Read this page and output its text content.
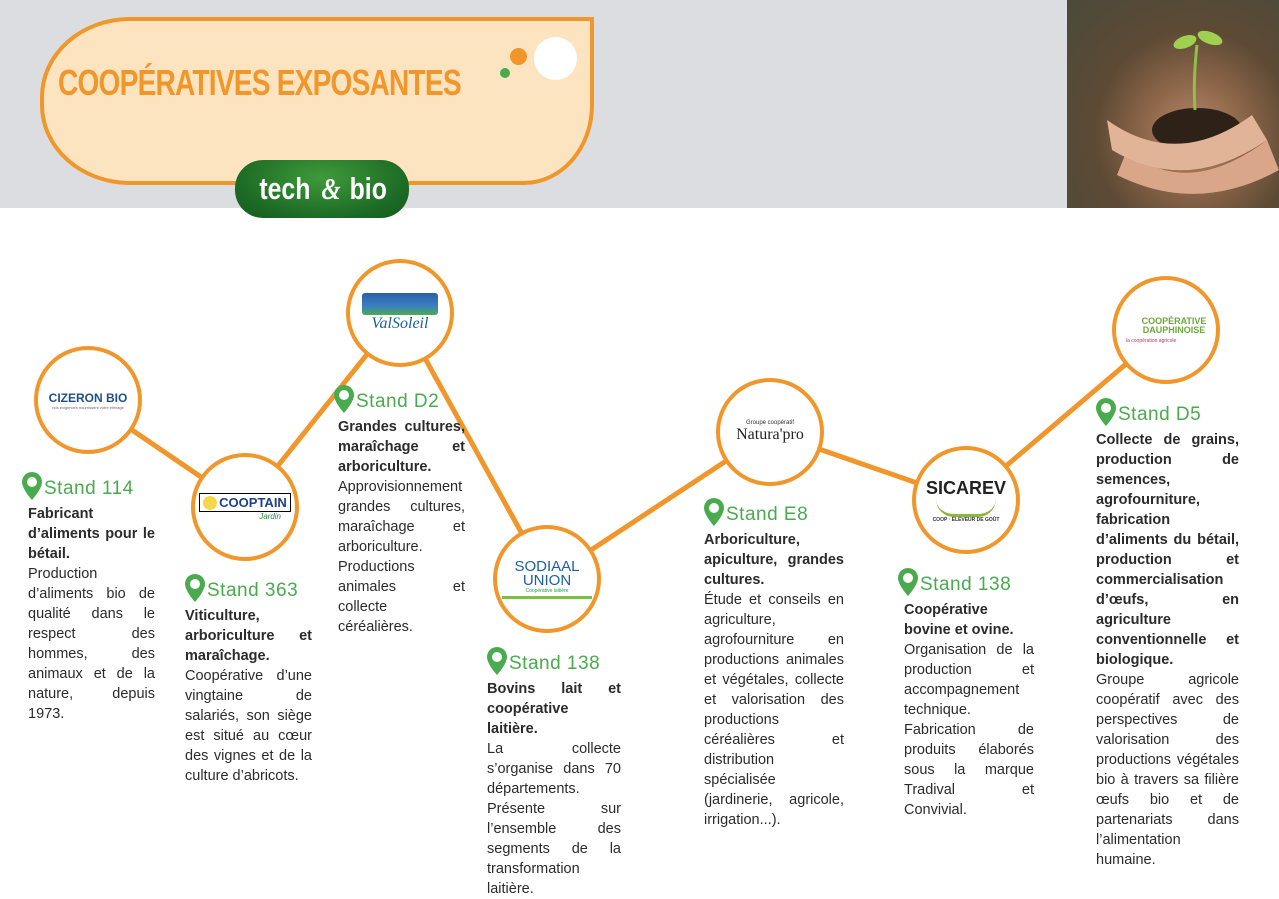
COOPÉRATIVES EXPOSANTES
tech & bio
CIZERON BIO
nos exigences nourrissent votre élevage
COOPTAIN
Jardin
ValSoleil
SODIAAL UNION
Coopérative laitière
Groupe coopératif
Natura'pro
SICAREV
COOP · ÉLEVEUR DE GOÛT
COOPÉRATIVE DAUPHINOISE
la coopération agricole
Stand 114
Fabricant d’aliments pour le bétail.
Production d’aliments bio de qualité dans le respect des hommes, des animaux et de la nature, depuis 1973.
Stand 363
Viticulture, arboriculture et maraîchage.
Coopérative d’une vingtaine de salariés, son siège est situé au cœur des vignes et de la culture d’abricots.
Stand D2
Grandes cultures, maraîchage et arboriculture.
Approvisionnement grandes cultures, maraîchage et arboriculture. Productions animales et collecte céréalières.
Stand 138
Bovins lait et coopérative laitière.
La collecte s’organise dans 70 départements. Présente sur l’ensemble des segments de la transformation laitière.
Stand E8
Arboriculture, apiculture, grandes cultures.
Étude et conseils en agriculture, agrofourniture en productions animales et végétales, collecte et valorisation des productions céréalières et distribution spécialisée (jardinerie, agricole, irrigation...).
Stand 138
Coopérative bovine et ovine.
Organisation de la production et accompagnement technique. Fabrication de produits élaborés sous la marque Tradival et Convivial.
Stand D5
Collecte de grains, production de semences, agrofourniture, fabrication d’aliments du bétail, production et commercialisation d’œufs, en agriculture conventionnelle et biologique.
Groupe agricole coopératif avec des perspectives de valorisation des productions végétales bio à travers sa filière œufs bio et de partenariats dans l’alimentation humaine.
